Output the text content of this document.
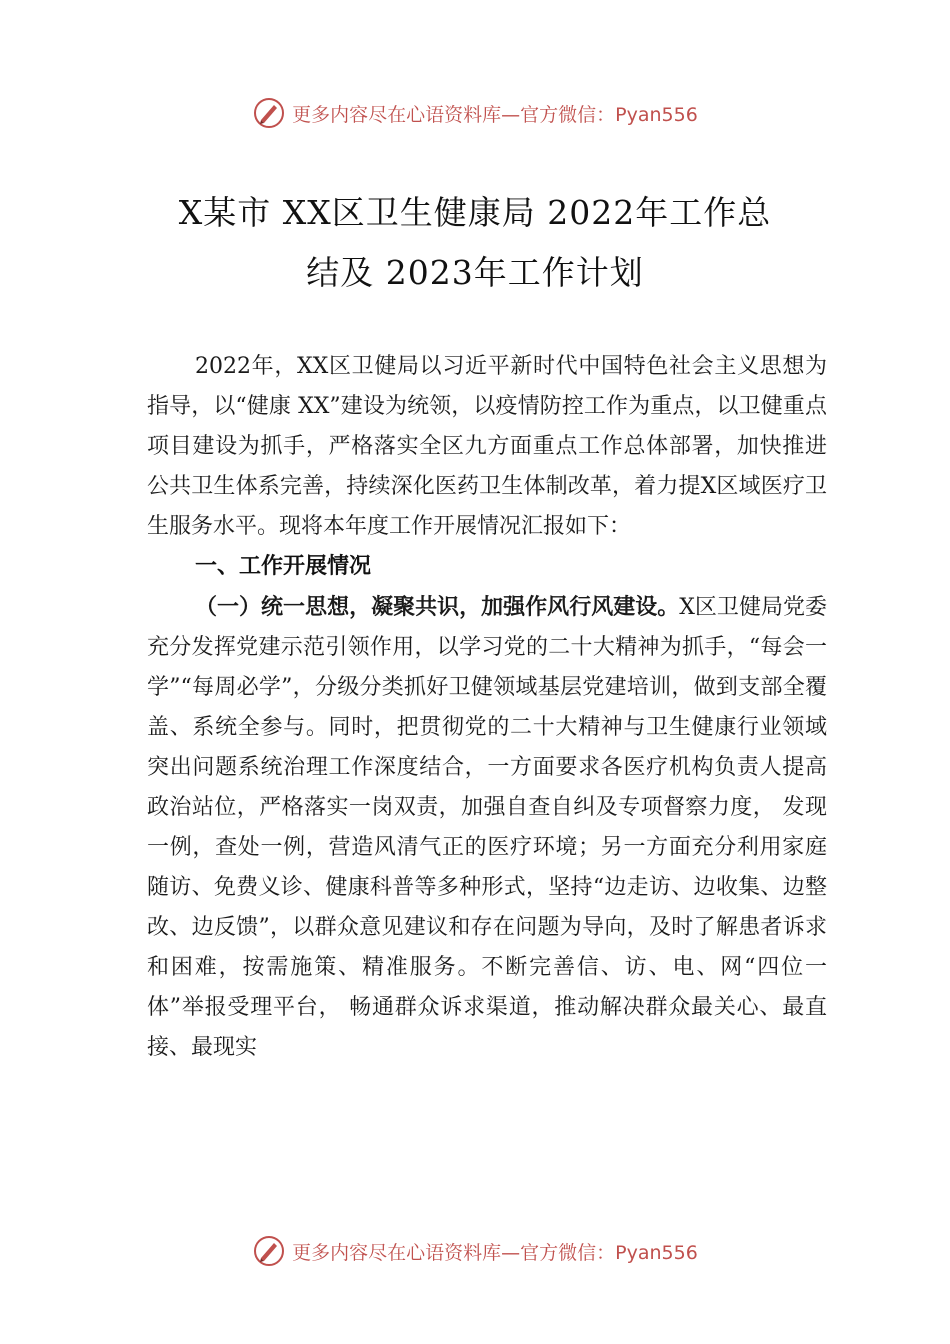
更多内容尽在心语资料库—官方微信：Pyan556
X某市 XX区卫生健康局 2022年工作总
结及 2023年工作计划

2022年，XX区卫健局以习近平新时代中国特色社会主义思想为指导，以“健康 XX”建设为统领，以疫情防控工作为重点，以卫健重点项目建设为抓手，严格落实全区九方面重点工作总体部署，加快推进公共卫生体系完善，持续深化医药卫生体制改革，着力提X区域医疗卫生服务水平。现将本年度工作开展情况汇报如下：

一、工作开展情况

（一）统一思想，凝聚共识，加强作风行风建设。X区卫健局党委充分发挥党建示范引领作用，以学习党的二十大精神为抓手，“每会一学”“每周必学”，分级分类抓好卫健领域基层党建培训，做到支部全覆盖、系统全参与。同时，把贯彻党的二十大精神与卫生健康行业领域突出问题系统治理工作深度结合，一方面要求各医疗机构负责人提高政治站位，严格落实一岗双责，加强自查自纠及专项督察力度， 发现一例，查处一例，营造风清气正的医疗环境；另一方面充分利用家庭随访、免费义诊、健康科普等多种形式，坚持“边走访、边收集、边整改、边反馈”，以群众意见建议和存在问题为导向，及时了解患者诉求和困难，按需施策、精准服务。不断完善信、访、电、网“四位一体”举报受理平台， 畅通群众诉求渠道，推动解决群众最关心、最直接、最现实

更多内容尽在心语资料库—官方微信：Pyan556
